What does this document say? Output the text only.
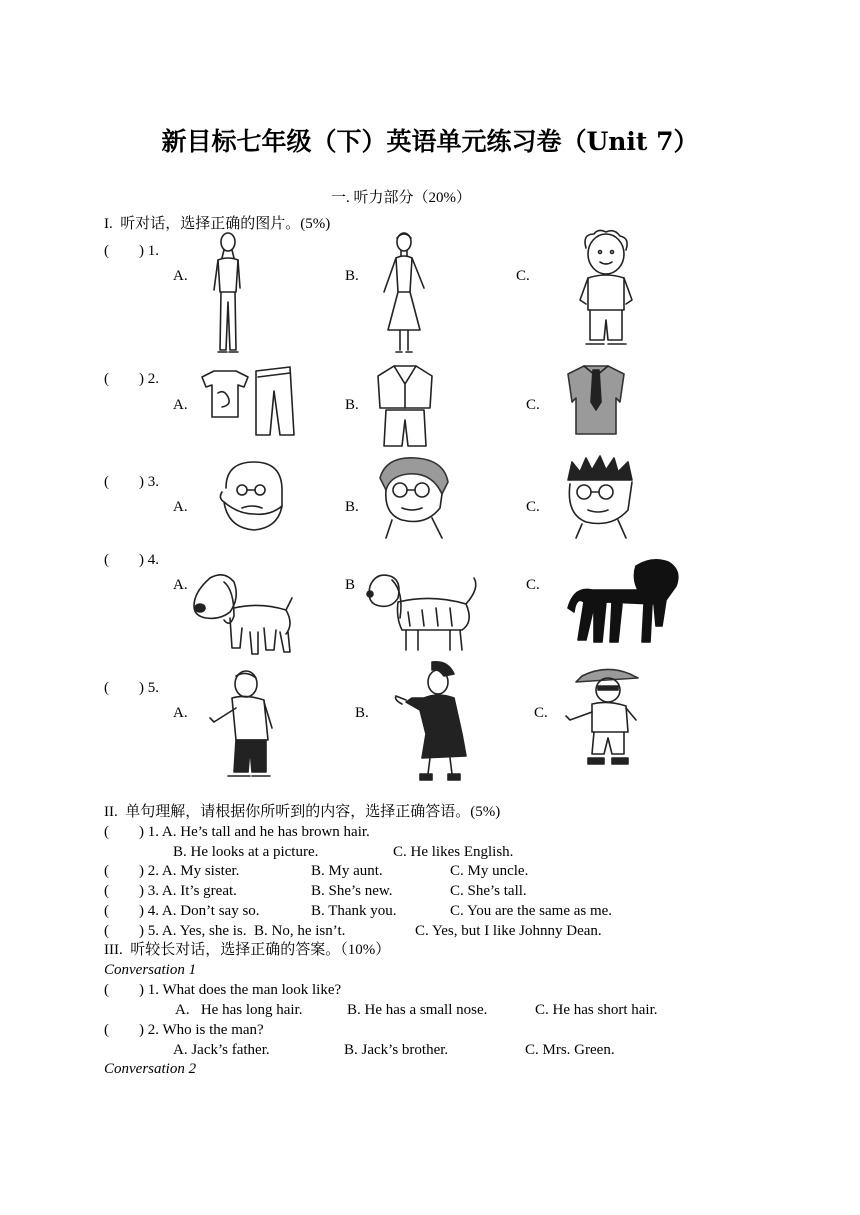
新目标七年级（下）英语单元练习卷（Unit 7）
一. 听力部分（20%）
I.  听对话，选择正确的图片。(5%)
(        ) 1.
A.	B.	C.
(        ) 2.
A.	B.	C.
(        ) 3.
A.	B.	C.
(        ) 4.
A.	B	C.
(        ) 5.
A.	B.	C.
II.  单句理解，请根据你所听到的内容，选择正确答语。(5%)
(        ) 1. A. He’s tall and he has brown hair.
B. He looks at a picture.	C. He likes English.
(        ) 2. A. My sister.	B. My aunt.	C. My uncle.
(        ) 3. A. It’s great.	B. She’s new.	C. She’s tall.
(        ) 4. A. Don’t say so.	B. Thank you.	C. You are the same as me.
(        ) 5. A. Yes, she is.  B. No, he isn’t.	C. Yes, but I like Johnny Dean.
III.  听较长对话，选择正确的答案。（10%）
Conversation 1
(        ) 1. What does the man look like?
A.   He has long hair.	B. He has a small nose.	C. He has short hair.
(        ) 2. Who is the man?
A. Jack’s father.	B. Jack’s brother.	C. Mrs. Green.
Conversation 2
